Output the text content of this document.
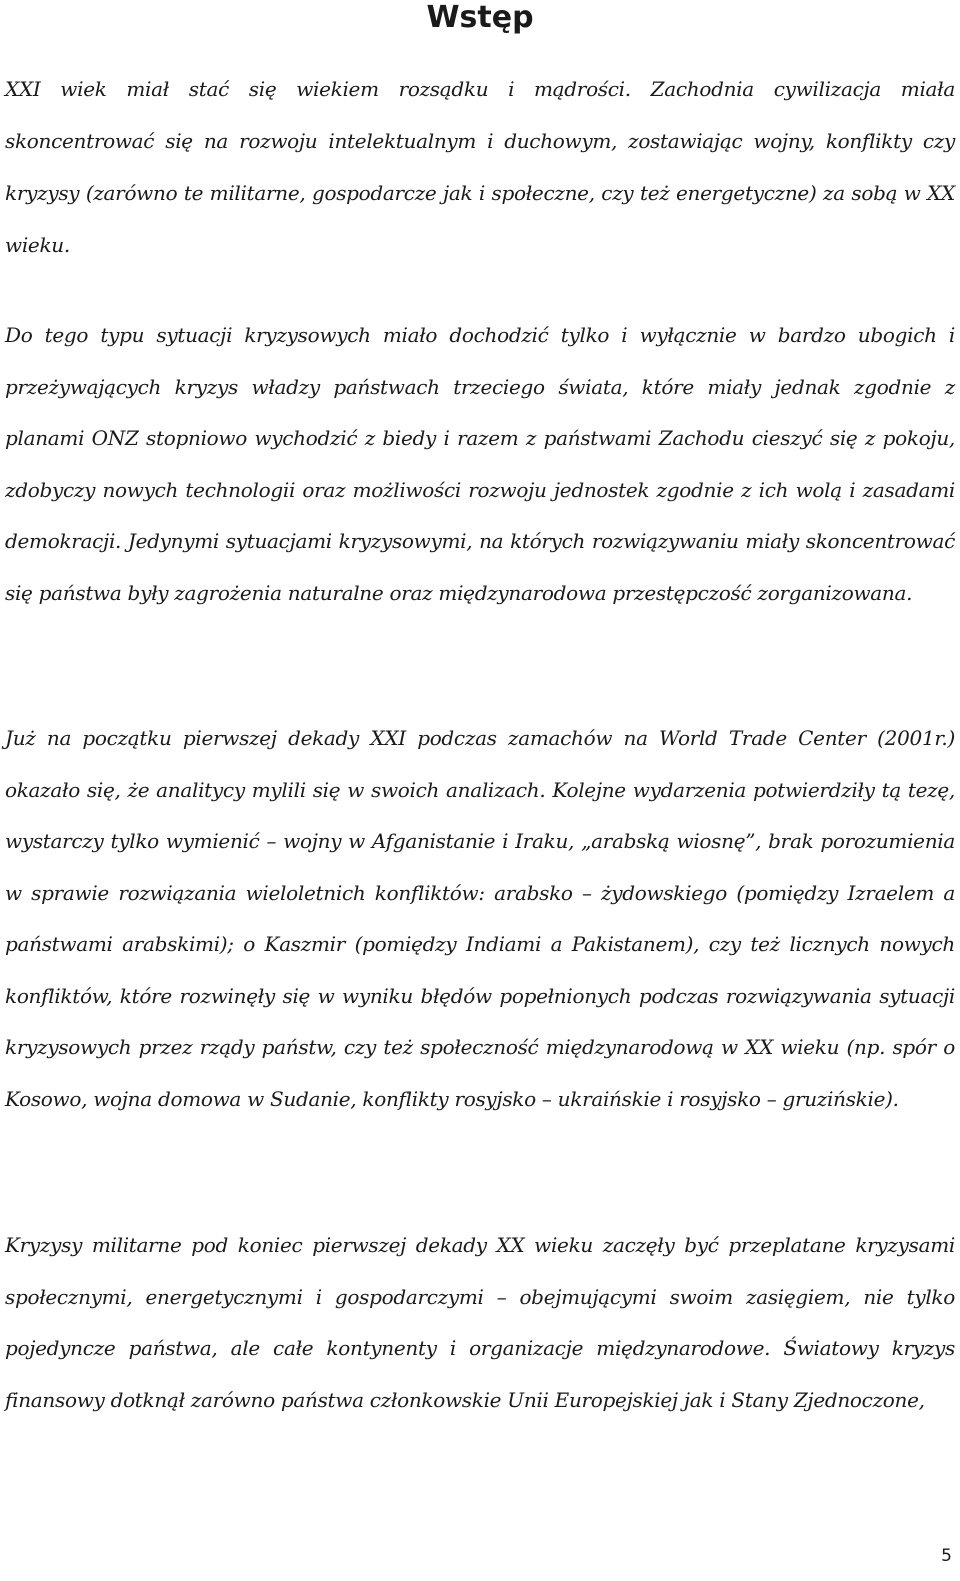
Wstęp

XXI wiek miał stać się wiekiem rozsądku i mądrości. Zachodnia cywilizacja miała skoncentrować się na rozwoju intelektualnym i duchowym, zostawiając wojny, konflikty czy kryzysy (zarówno te militarne, gospodarcze jak i społeczne, czy też energetyczne) za sobą w XX wieku.

Do tego typu sytuacji kryzysowych miało dochodzić tylko i wyłącznie w bardzo ubogich i przeżywających kryzys władzy państwach trzeciego świata, które miały jednak zgodnie z planami ONZ stopniowo wychodzić z biedy i razem z państwami Zachodu cieszyć się z pokoju, zdobyczy nowych technologii oraz możliwości rozwoju jednostek zgodnie z ich wolą i zasadami demokracji. Jedynymi sytuacjami kryzysowymi, na których rozwiązywaniu miały skoncentrować się państwa były zagrożenia naturalne oraz międzynarodowa przestępczość zorganizowana.

Już na początku pierwszej dekady XXI podczas zamachów na World Trade Center (2001r.) okazało się, że analitycy mylili się w swoich analizach. Kolejne wydarzenia potwierdziły tą tezę, wystarczy tylko wymienić – wojny w Afganistanie i Iraku, „arabską wiosnę”, brak porozumienia w sprawie rozwiązania wieloletnich konfliktów: arabsko – żydowskiego (pomiędzy Izraelem a państwami arabskimi); o Kaszmir (pomiędzy Indiami a Pakistanem), czy też licznych nowych konfliktów, które rozwinęły się w wyniku błędów popełnionych podczas rozwiązywania sytuacji kryzysowych przez rządy państw, czy też społeczność międzynarodową w XX wieku (np. spór o Kosowo, wojna domowa w Sudanie, konflikty rosyjsko – ukraińskie i rosyjsko – gruzińskie).

Kryzysy militarne pod koniec pierwszej dekady XX wieku zaczęły być przeplatane kryzysami społecznymi, energetycznymi i gospodarczymi – obejmującymi swoim zasięgiem, nie tylko pojedyncze państwa, ale całe kontynenty i organizacje międzynarodowe. Światowy kryzys finansowy dotknął zarówno państwa członkowskie Unii Europejskiej jak i Stany Zjednoczone,

5
